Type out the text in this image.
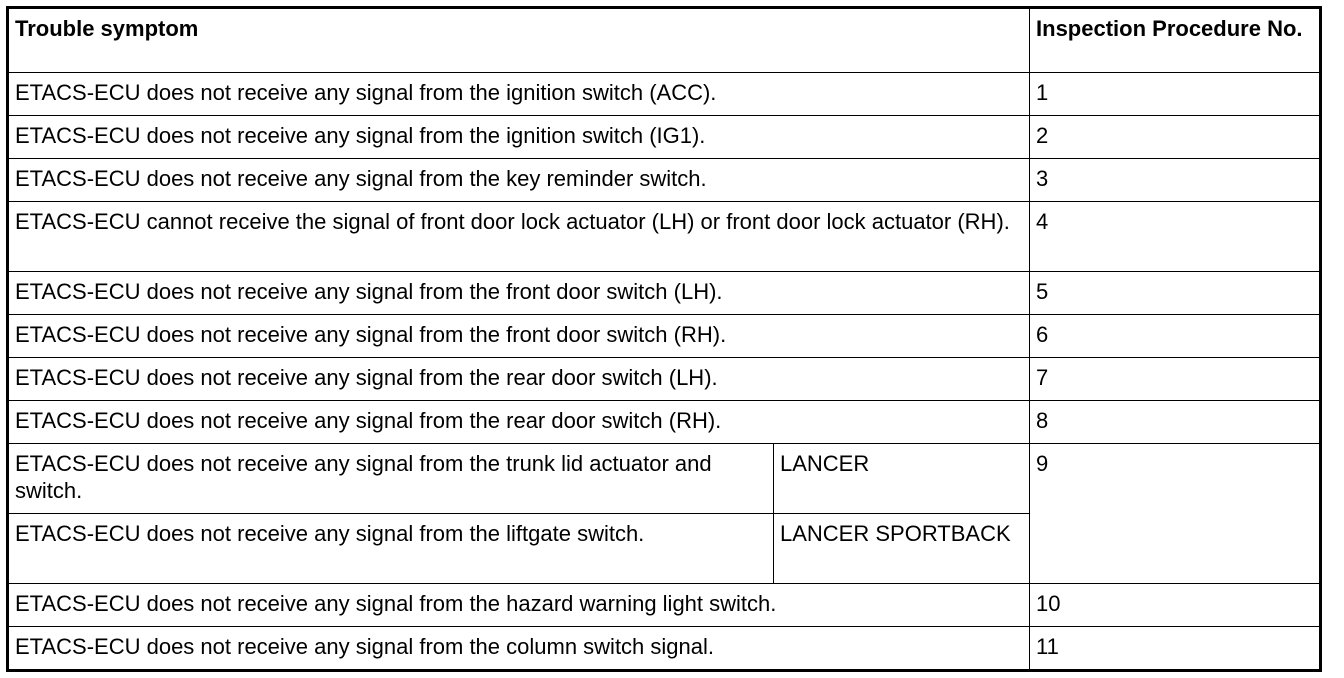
Trouble symptom		Inspection Procedure No.
ETACS-ECU does not receive any signal from the ignition switch (ACC).		1
ETACS-ECU does not receive any signal from the ignition switch (IG1).		2
ETACS-ECU does not receive any signal from the key reminder switch.		3
ETACS-ECU cannot receive the signal of front door lock actuator (LH) or front door lock actuator (RH).		4
ETACS-ECU does not receive any signal from the front door switch (LH).		5
ETACS-ECU does not receive any signal from the front door switch (RH).		6
ETACS-ECU does not receive any signal from the rear door switch (LH).		7
ETACS-ECU does not receive any signal from the rear door switch (RH).		8
ETACS-ECU does not receive any signal from the trunk lid actuator and switch.	LANCER	9
ETACS-ECU does not receive any signal from the liftgate switch.	LANCER SPORTBACK	
ETACS-ECU does not receive any signal from the hazard warning light switch.		10
ETACS-ECU does not receive any signal from the column switch signal.		11
